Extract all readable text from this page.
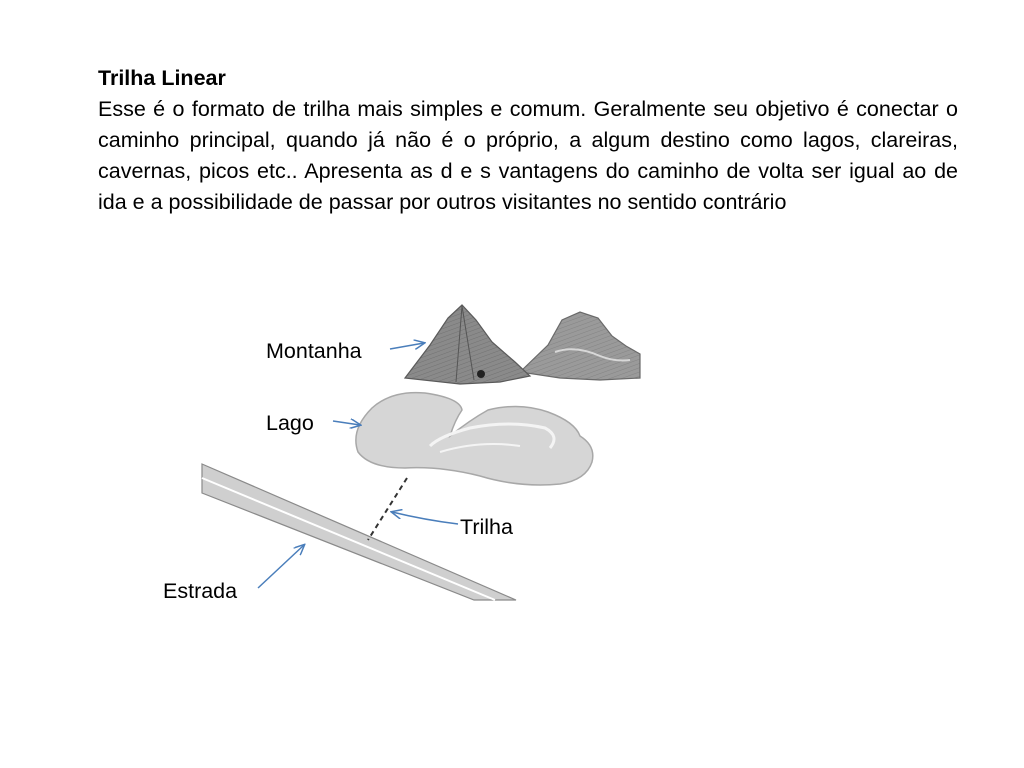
Trilha Linear

Esse é o formato de trilha mais simples e comum. Geralmente seu objetivo é conectar o caminho principal, quando já não é o próprio, a algum destino como lagos, clareiras, cavernas, picos etc.. Apresenta as d e s vantagens do caminho de volta ser igual ao de ida e a possibilidade de passar por outros visitantes no sentido contrário

Montanha
Lago
Trilha
Estrada
